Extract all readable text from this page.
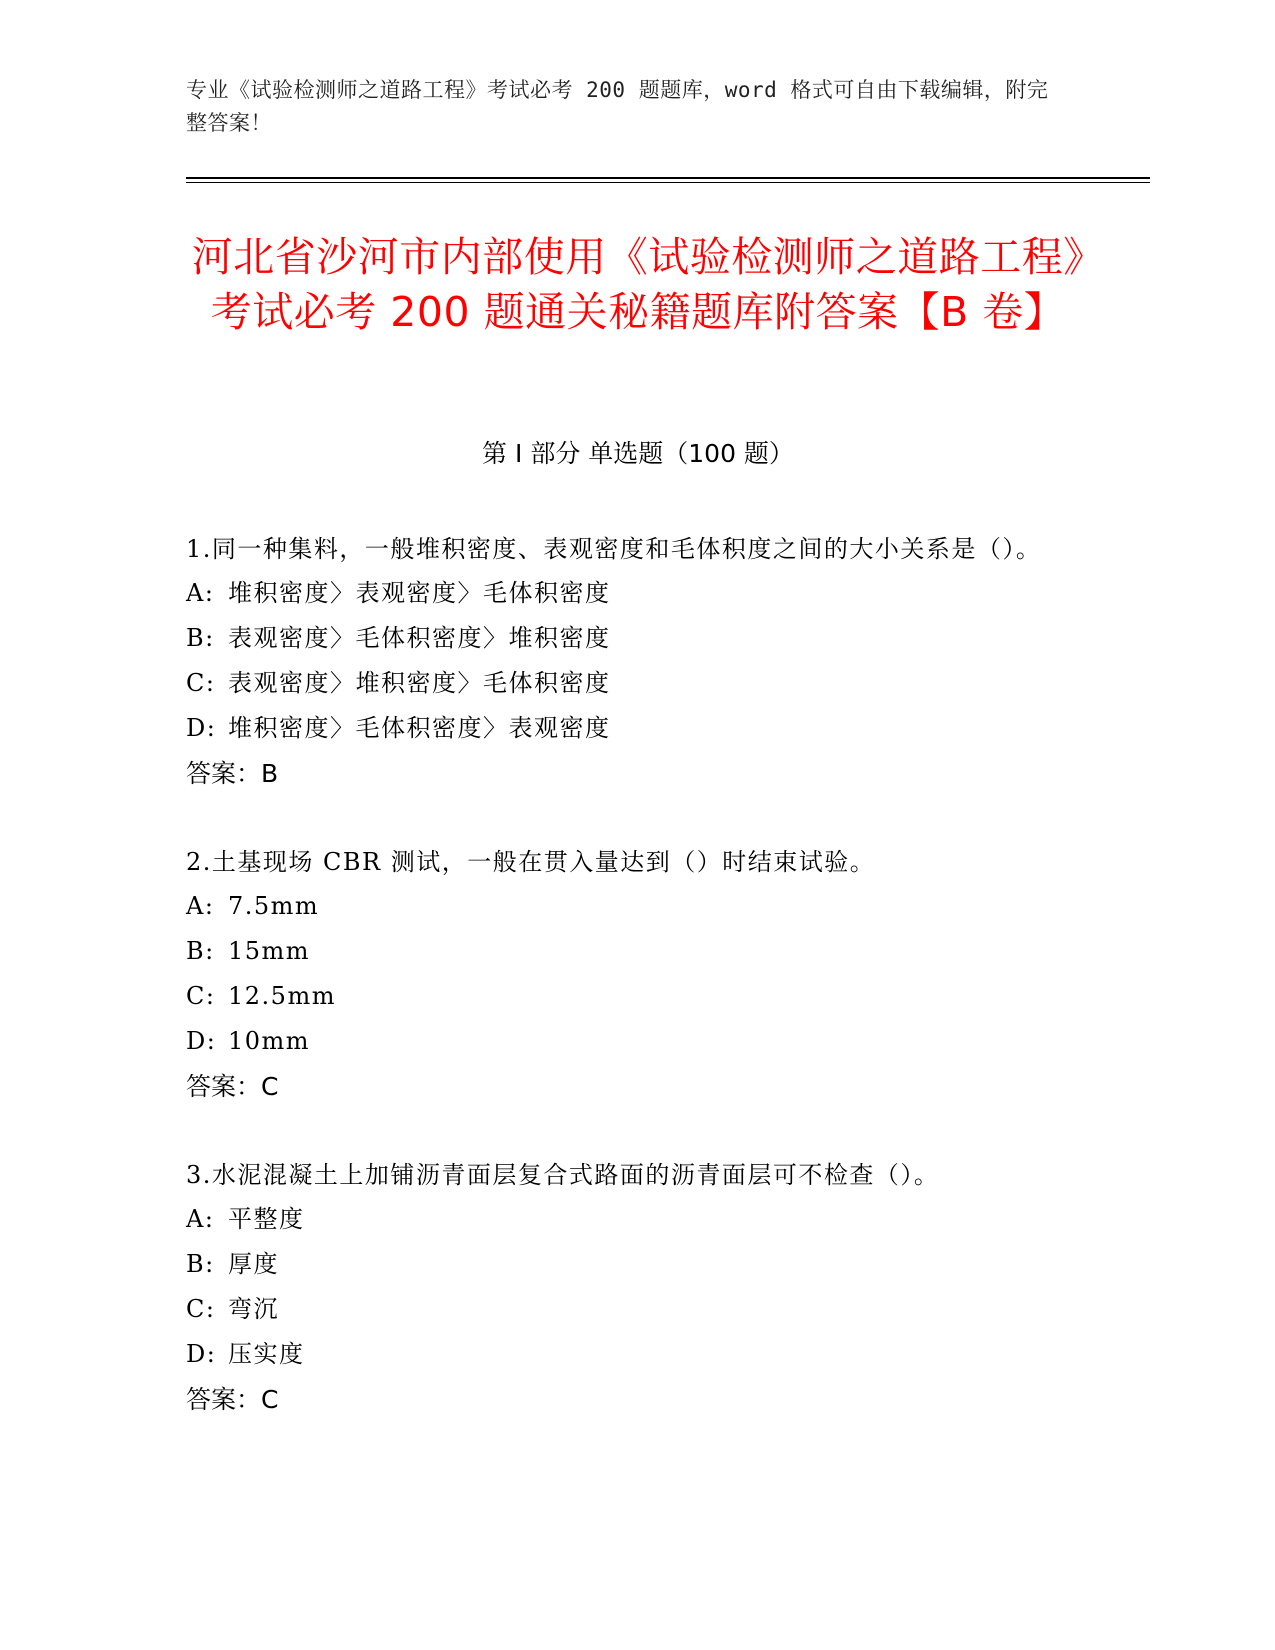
专业《试验检测师之道路工程》考试必考 200 题题库，word 格式可自由下载编辑，附完整答案！
河北省沙河市内部使用《试验检测师之道路工程》考试必考 200 题通关秘籍题库附答案【B 卷】
第 I 部分 单选题（100 题）

1.同一种集料，一般堆积密度、表观密度和毛体积度之间的大小关系是（）。

A: 堆积密度〉表观密度〉毛体积密度

B: 表观密度〉毛体积密度〉堆积密度

C: 表观密度〉堆积密度〉毛体积密度

D: 堆积密度〉毛体积密度〉表观密度

答案：B

2.土基现场 CBR 测试，一般在贯入量达到（）时结束试验。

A: 7.5mm

B: 15mm

C: 12.5mm

D: 10mm

答案：C

3.水泥混凝土上加铺沥青面层复合式路面的沥青面层可不检查（）。

A: 平整度

B: 厚度

C: 弯沉

D: 压实度

答案：C
